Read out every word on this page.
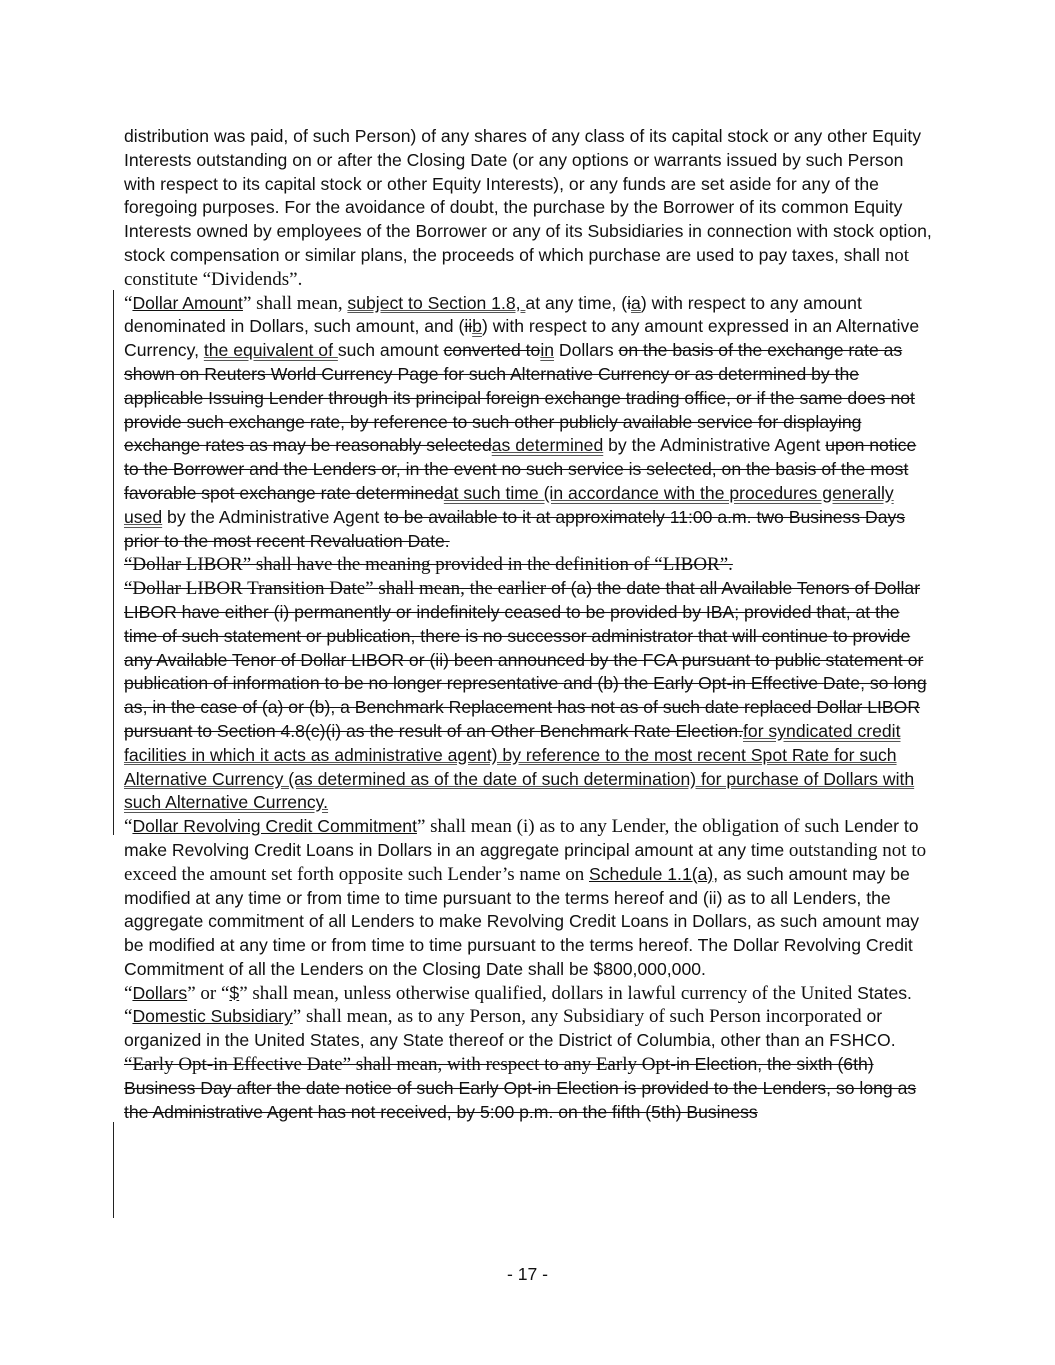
distribution was paid, of such Person) of any shares of any class of its capital stock or any other Equity Interests outstanding on or after the Closing Date (or any options or warrants issued by such Person with respect to its capital stock or other Equity Interests), or any funds are set aside for any of the foregoing purposes. For the avoidance of doubt, the purchase by the Borrower of its common Equity Interests owned by employees of the Borrower or any of its Subsidiaries in connection with stock option, stock compensation or similar plans, the proceeds of which purchase are used to pay taxes, shall not constitute “Dividends”.

“Dollar Amount” shall mean, subject to Section 1.8, at any time, (ia) with respect to any amount denominated in Dollars, such amount, and (iib) with respect to any amount expressed in an Alternative Currency, the equivalent of such amount converted toin Dollars on the basis of the exchange rate as shown on Reuters World Currency Page for such Alternative Currency or as determined by the applicable Issuing Lender through its principal foreign exchange trading office, or if the same does not provide such exchange rate, by reference to such other publicly available service for displaying exchange rates as may be reasonably selectedas determined by the Administrative Agent upon notice to the Borrower and the Lenders or, in the event no such service is selected, on the basis of the most favorable spot exchange rate determinedat such time (in accordance with the procedures generally used by the Administrative Agent to be available to it at approximately 11:00 a.m. two Business Days prior to the most recent Revaluation Date.

“Dollar LIBOR” shall have the meaning provided in the definition of “LIBOR”.

“Dollar LIBOR Transition Date” shall mean, the earlier of (a) the date that all Available Tenors of Dollar LIBOR have either (i) permanently or indefinitely ceased to be provided by IBA; provided that, at the time of such statement or publication, there is no successor administrator that will continue to provide any Available Tenor of Dollar LIBOR or (ii) been announced by the FCA pursuant to public statement or publication of information to be no longer representative and (b) the Early Opt-in Effective Date, so long as, in the case of (a) or (b), a Benchmark Replacement has not as of such date replaced Dollar LIBOR pursuant to Section 4.8(c)(i) as the result of an Other Benchmark Rate Election.for syndicated credit facilities in which it acts as administrative agent) by reference to the most recent Spot Rate for such Alternative Currency (as determined as of the date of such determination) for purchase of Dollars with such Alternative Currency.

“Dollar Revolving Credit Commitment” shall mean (i) as to any Lender, the obligation of such Lender to make Revolving Credit Loans in Dollars in an aggregate principal amount at any time outstanding not to exceed the amount set forth opposite such Lender’s name on Schedule 1.1(a), as such amount may be modified at any time or from time to time pursuant to the terms hereof and (ii) as to all Lenders, the aggregate commitment of all Lenders to make Revolving Credit Loans in Dollars, as such amount may be modified at any time or from time to time pursuant to the terms hereof. The Dollar Revolving Credit Commitment of all the Lenders on the Closing Date shall be $800,000,000.

“Dollars” or “$” shall mean, unless otherwise qualified, dollars in lawful currency of the United States.

“Domestic Subsidiary” shall mean, as to any Person, any Subsidiary of such Person incorporated or organized in the United States, any State thereof or the District of Columbia, other than an FSHCO.

“Early Opt-in Effective Date” shall mean, with respect to any Early Opt-in Election, the sixth (6th) Business Day after the date notice of such Early Opt-in Election is provided to the Lenders, so long as the Administrative Agent has not received, by 5:00 p.m. on the fifth (5th) Business

- 17 -
